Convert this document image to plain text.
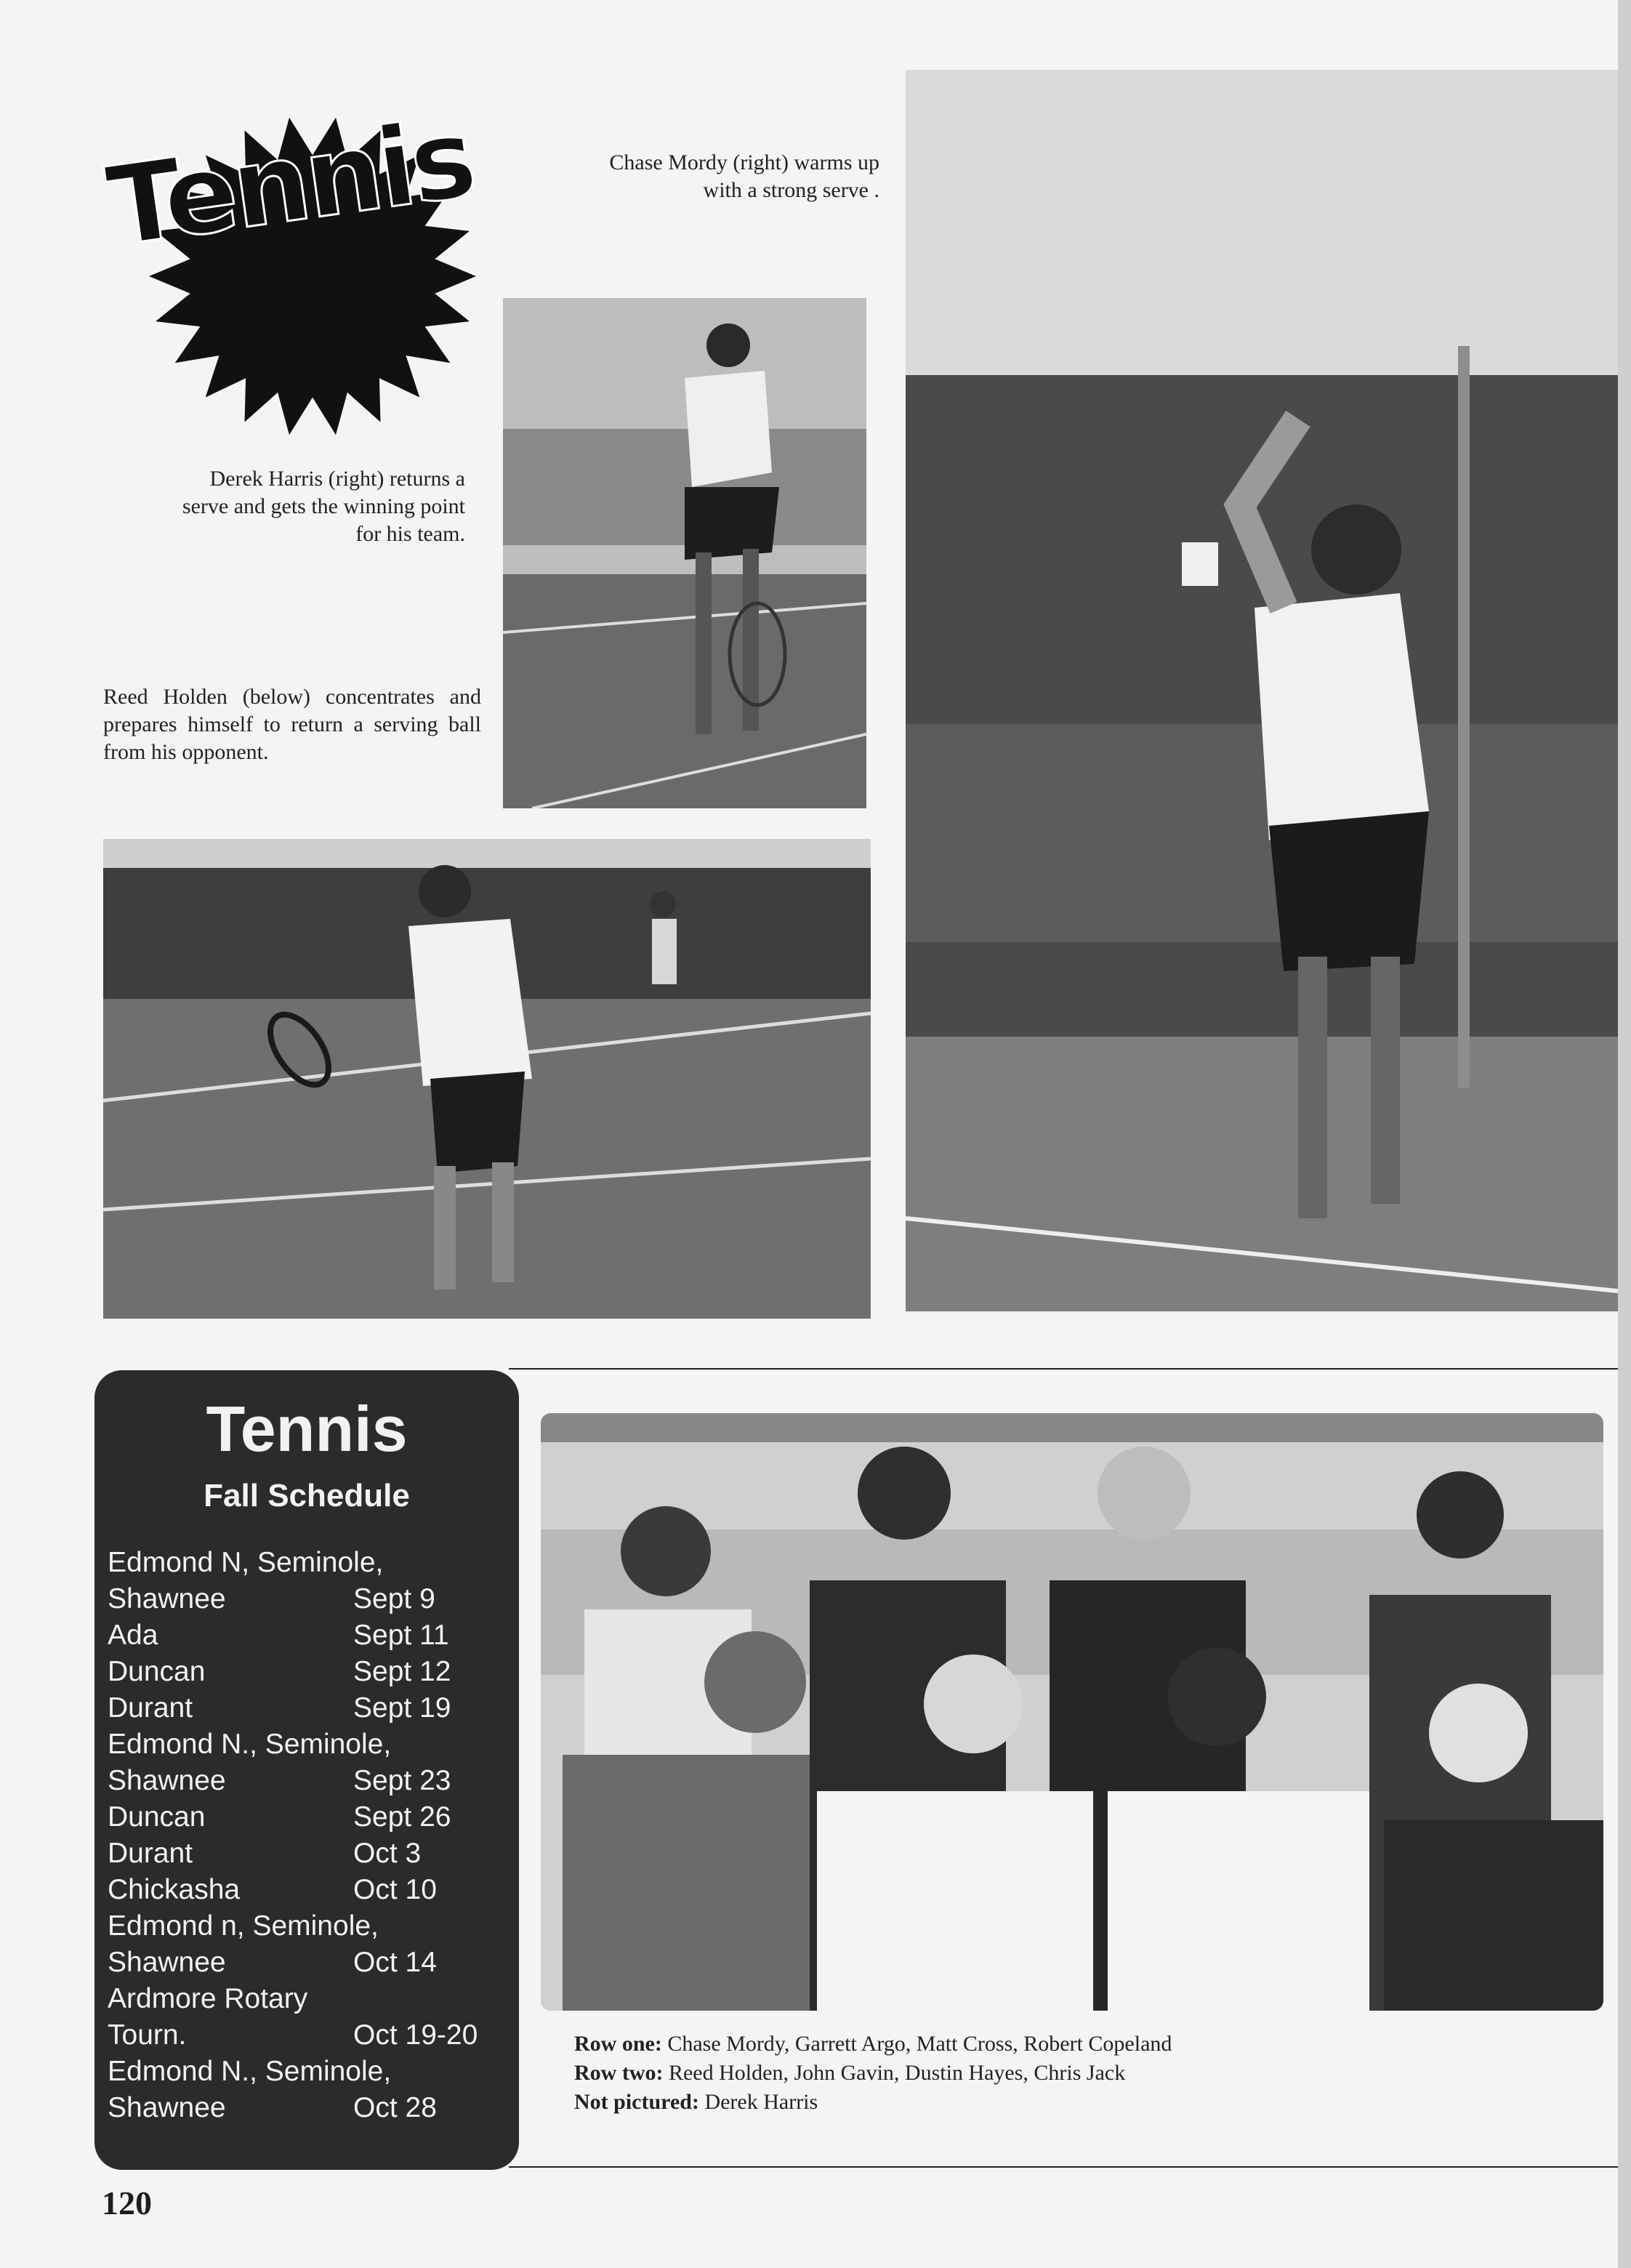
Tennis	Chase Mordy (right) warms up with a strong serve .
Derek Harris (right) returns a serve and gets the winning point for his team.
Reed Holden (below) concentrates and prepares himself to return a serving ball from his opponent.
Tennis
Fall Schedule
Edmond N, Seminole,
Shawnee	Sept 9
Ada	Sept 11
Duncan	Sept 12
Durant	Sept 19
Edmond N., Seminole,
Shawnee	Sept 23
Duncan	Sept 26
Durant	Oct 3
Chickasha	Oct 10
Edmond n, Seminole,
Shawnee	Oct 14
Ardmore Rotary
Tourn.	Oct 19-20
Edmond N., Seminole,
Shawnee	Oct 28
Row one: Chase Mordy, Garrett Argo, Matt Cross, Robert Copeland
Row two: Reed Holden, John Gavin, Dustin Hayes, Chris Jack
Not pictured: Derek Harris
120
